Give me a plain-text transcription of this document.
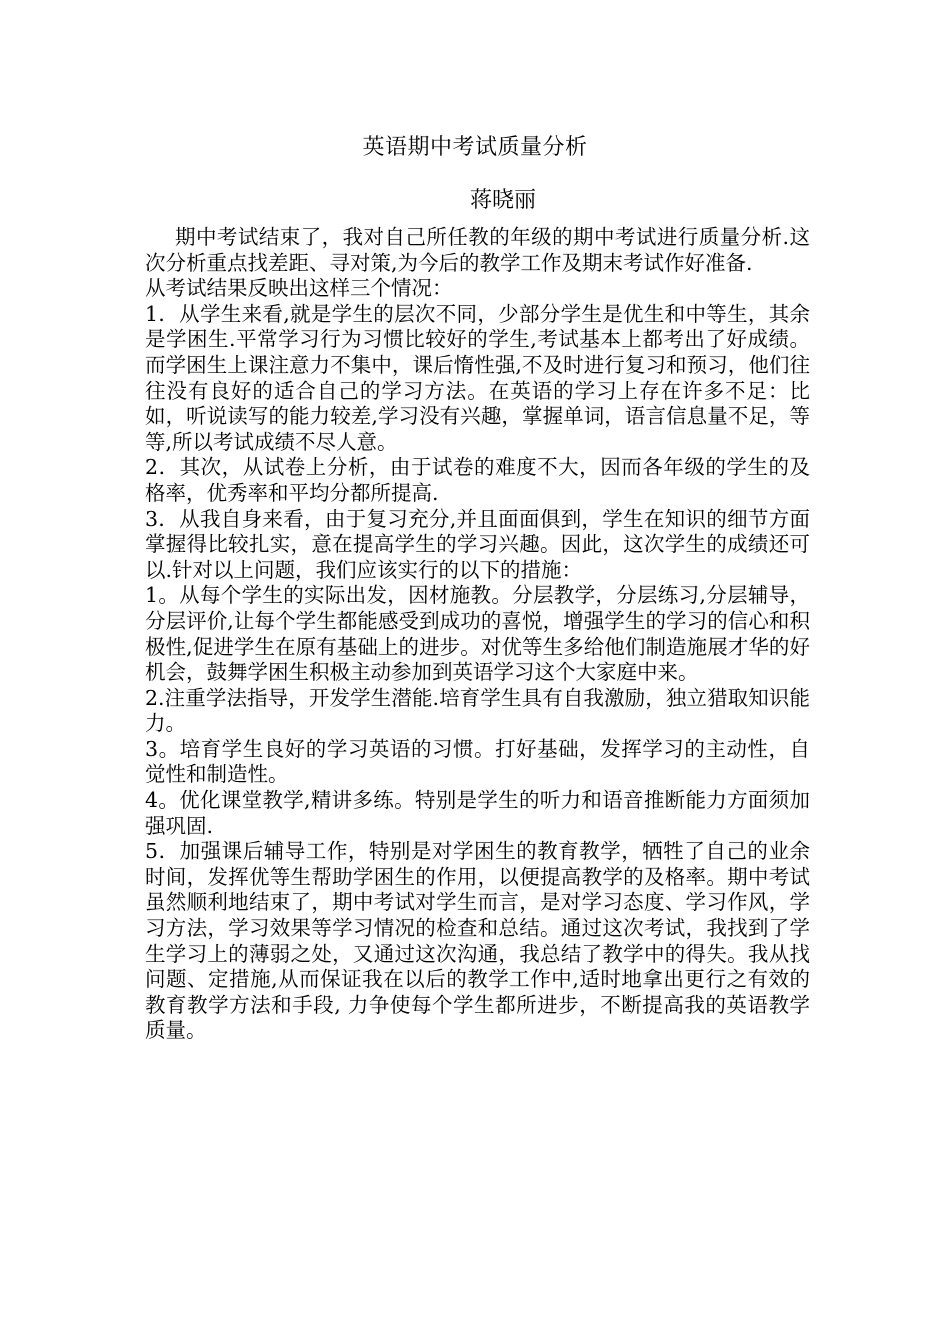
英语期中考试质量分析
蒋晓丽

期中考试结束了，我对自己所任教的年级的期中考试进行质量分析.这次分析重点找差距、寻对策,为今后的教学工作及期末考试作好准备.

从考试结果反映出这样三个情况：

1．从学生来看,就是学生的层次不同，少部分学生是优生和中等生，其余是学困生.平常学习行为习惯比较好的学生,考试基本上都考出了好成绩。而学困生上课注意力不集中，课后惰性强,不及时进行复习和预习，他们往往没有良好的适合自己的学习方法。在英语的学习上存在许多不足：比如，听说读写的能力较差,学习没有兴趣，掌握单词，语言信息量不足，等等,所以考试成绩不尽人意。

2．其次，从试卷上分析，由于试卷的难度不大，因而各年级的学生的及格率，优秀率和平均分都所提高.

3．从我自身来看，由于复习充分,并且面面俱到，学生在知识的细节方面掌握得比较扎实，意在提高学生的学习兴趣。因此，这次学生的成绩还可以.针对以上问题，我们应该实行的以下的措施：

1。从每个学生的实际出发，因材施教。分层教学，分层练习,分层辅导，分层评价,让每个学生都能感受到成功的喜悦，增强学生的学习的信心和积极性,促进学生在原有基础上的进步。对优等生多给他们制造施展才华的好机会，鼓舞学困生积极主动参加到英语学习这个大家庭中来。

2.注重学法指导，开发学生潜能.培育学生具有自我激励，独立猎取知识能力。

3。培育学生良好的学习英语的习惯。打好基础，发挥学习的主动性，自觉性和制造性。

4。优化课堂教学,精讲多练。特别是学生的听力和语音推断能力方面须加强巩固.

5．加强课后辅导工作，特别是对学困生的教育教学，牺牲了自己的业余时间，发挥优等生帮助学困生的作用，以便提高教学的及格率。期中考试虽然顺利地结束了，期中考试对学生而言，是对学习态度、学习作风，学习方法，学习效果等学习情况的检查和总结。通过这次考试，我找到了学生学习上的薄弱之处，又通过这次沟通，我总结了教学中的得失。我从找问题、定措施,从而保证我在以后的教学工作中,适时地拿出更行之有效的教育教学方法和手段, 力争使每个学生都所进步，不断提高我的英语教学质量。
